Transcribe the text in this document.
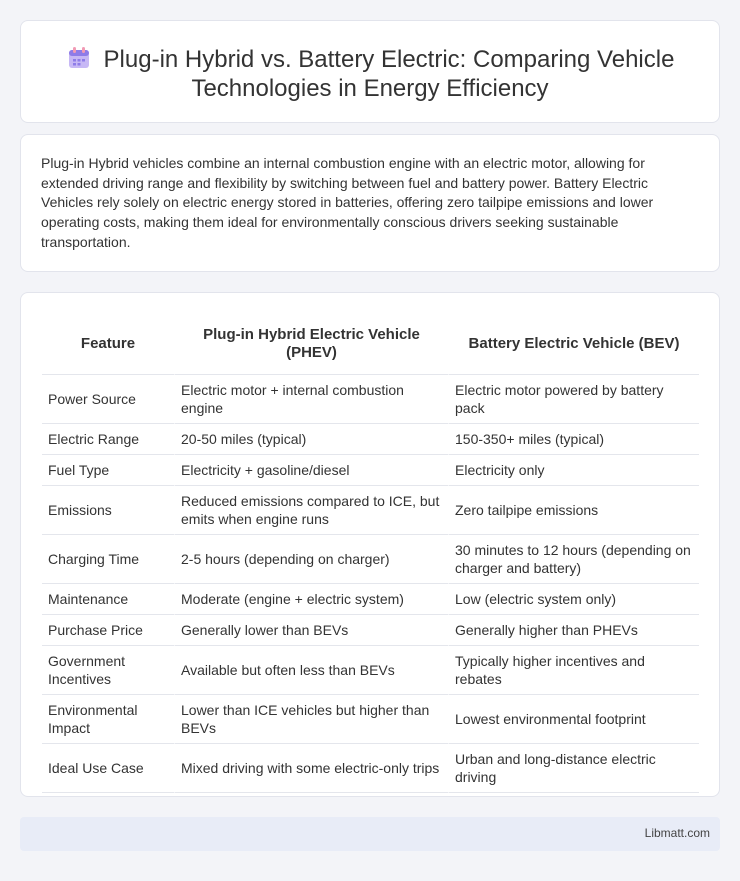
Plug-in Hybrid vs. Battery Electric: Comparing Vehicle Technologies in Energy Efficiency

Plug-in Hybrid vehicles combine an internal combustion engine with an electric motor, allowing for extended driving range and flexibility by switching between fuel and battery power. Battery Electric Vehicles rely solely on electric energy stored in batteries, offering zero tailpipe emissions and lower operating costs, making them ideal for environmentally conscious drivers seeking sustainable transportation.

Feature	Plug-in Hybrid Electric Vehicle (PHEV)	Battery Electric Vehicle (BEV)
Power Source	Electric motor + internal combustion engine	Electric motor powered by battery pack
Electric Range	20-50 miles (typical)	150-350+ miles (typical)
Fuel Type	Electricity + gasoline/diesel	Electricity only
Emissions	Reduced emissions compared to ICE, but emits when engine runs	Zero tailpipe emissions
Charging Time	2-5 hours (depending on charger)	30 minutes to 12 hours (depending on charger and battery)
Maintenance	Moderate (engine + electric system)	Low (electric system only)
Purchase Price	Generally lower than BEVs	Generally higher than PHEVs
Government Incentives	Available but often less than BEVs	Typically higher incentives and rebates
Environmental Impact	Lower than ICE vehicles but higher than BEVs	Lowest environmental footprint
Ideal Use Case	Mixed driving with some electric-only trips	Urban and long-distance electric driving
Libmatt.com
